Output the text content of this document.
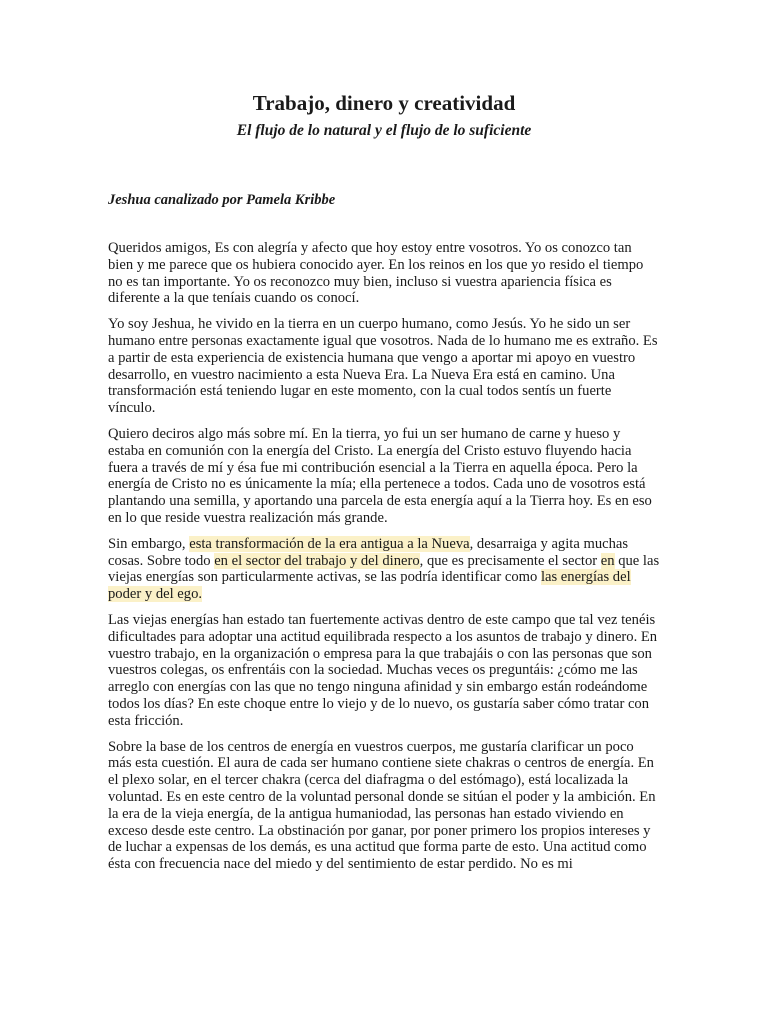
Trabajo, dinero y creatividad
El flujo de lo natural y el flujo de lo suficiente

Jeshua canalizado por Pamela Kribbe

Queridos amigos, Es con alegría y afecto que hoy estoy entre vosotros. Yo os conozco tan bien y me parece que os hubiera conocido ayer. En los reinos en los que yo resido el tiempo no es tan importante. Yo os reconozco muy bien, incluso si vuestra apariencia física es diferente a la que teníais cuando os conocí.

Yo soy Jeshua, he vivido en la tierra en un cuerpo humano, como Jesús. Yo he sido un ser humano entre personas exactamente igual que vosotros. Nada de lo humano me es extraño. Es a partir de esta experiencia de existencia humana que vengo a aportar mi apoyo en vuestro desarrollo, en vuestro nacimiento a esta Nueva Era. La Nueva Era está en camino. Una transformación está teniendo lugar en este momento, con la cual todos sentís un fuerte vínculo.

Quiero deciros algo más sobre mí. En la tierra, yo fui un ser humano de carne y hueso y estaba en comunión con la energía del Cristo. La energía del Cristo estuvo fluyendo hacia fuera a través de mí y ésa fue mi contribución esencial a la Tierra en aquella época. Pero la energía de Cristo no es únicamente la mía; ella pertenece a todos. Cada uno de vosotros está plantando una semilla, y aportando una parcela de esta energía aquí a la Tierra hoy. Es en eso en lo que reside vuestra realización más grande.

Sin embargo, esta transformación de la era antigua a la Nueva, desarraiga y agita muchas cosas. Sobre todo en el sector del trabajo y del dinero, que es precisamente el sector en que las viejas energías son particularmente activas, se las podría identificar como las energías del poder y del ego.

Las viejas energías han estado tan fuertemente activas dentro de este campo que tal vez tenéis dificultades para adoptar una actitud equilibrada respecto a los asuntos de trabajo y dinero. En vuestro trabajo, en la organización o empresa para la que trabajáis o con las personas que son vuestros colegas, os enfrentáis con la sociedad. Muchas veces os preguntáis: ¿cómo me las arreglo con energías con las que no tengo ninguna afinidad y sin embargo están rodeándome todos los días? En este choque entre lo viejo y de lo nuevo, os gustaría saber cómo tratar con esta fricción.

Sobre la base de los centros de energía en vuestros cuerpos, me gustaría clarificar un poco más esta cuestión. El aura de cada ser humano contiene siete chakras o centros de energía. En el plexo solar, en el tercer chakra (cerca del diafragma o del estómago), está localizada la voluntad. Es en este centro de la voluntad personal donde se sitúan el poder y la ambición. En la era de la vieja energía, de la antigua humaniodad, las personas han estado viviendo en exceso desde este centro. La obstinación por ganar, por poner primero los propios intereses y de luchar a expensas de los demás, es una actitud que forma parte de esto. Una actitud como ésta con frecuencia nace del miedo y del sentimiento de estar perdido. No es mi
